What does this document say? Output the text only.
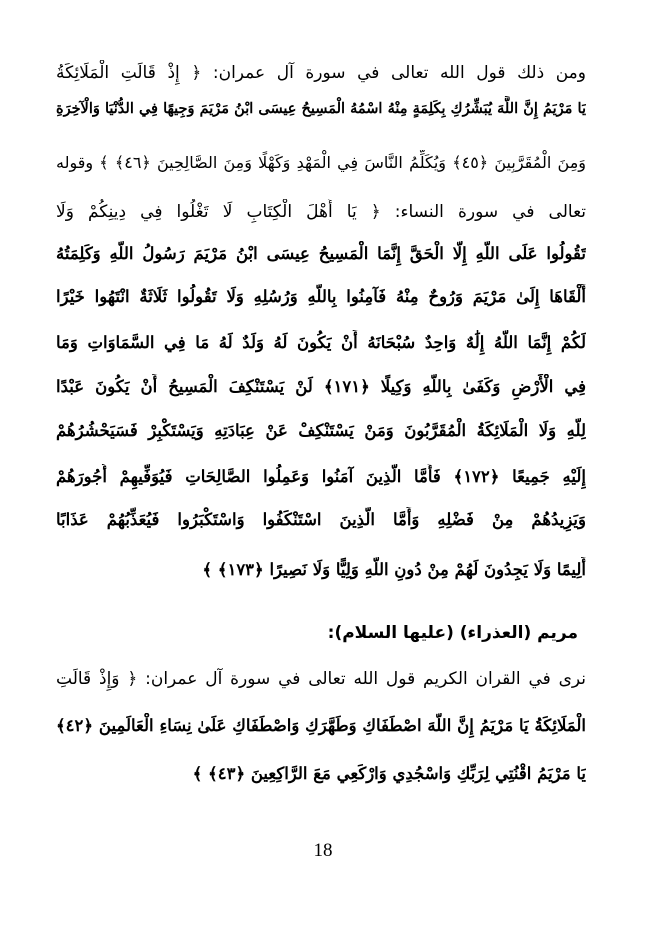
ومن ذلك قول الله تعالى في سورة آل عمران: ﴿ إِذْ قَالَتِ الْمَلَائِكَةُ
يَا مَرْيَمُ إِنَّ اللَّهَ يُبَشِّرُكِ بِكَلِمَةٍ مِنْهُ اسْمُهُ الْمَسِيحُ عِيسَى ابْنُ مَرْيَمَ وَجِيهًا فِي الدُّنْيَا وَالْآخِرَةِ
وَمِنَ الْمُقَرَّبِينَ ﴿٤٥﴾ وَيُكَلِّمُ النَّاسَ فِي الْمَهْدِ وَكَهْلًا وَمِنَ الصَّالِحِينَ ﴿٤٦﴾ ﴾ وقوله
تعالى في سورة النساء: ﴿ يَا أَهْلَ الْكِتَابِ لَا تَغْلُوا فِي دِينِكُمْ وَلَا
تَقُولُوا عَلَى اللَّهِ إِلَّا الْحَقَّ إِنَّمَا الْمَسِيحُ عِيسَى ابْنُ مَرْيَمَ رَسُولُ اللَّهِ وَكَلِمَتُهُ
أَلْقَاهَا إِلَىٰ مَرْيَمَ وَرُوحٌ مِنْهُ فَآمِنُوا بِاللَّهِ وَرُسُلِهِ وَلَا تَقُولُوا ثَلَاثَةٌ انْتَهُوا خَيْرًا
لَكُمْ إِنَّمَا اللَّهُ إِلَٰهٌ وَاحِدٌ سُبْحَانَهُ أَنْ يَكُونَ لَهُ وَلَدٌ لَهُ مَا فِي السَّمَاوَاتِ وَمَا
فِي الْأَرْضِ وَكَفَىٰ بِاللَّهِ وَكِيلًا ﴿١٧١﴾ لَنْ يَسْتَنْكِفَ الْمَسِيحُ أَنْ يَكُونَ عَبْدًا
لِلَّهِ وَلَا الْمَلَائِكَةُ الْمُقَرَّبُونَ وَمَنْ يَسْتَنْكِفْ عَنْ عِبَادَتِهِ وَيَسْتَكْبِرْ فَسَيَحْشُرُهُمْ
إِلَيْهِ جَمِيعًا ﴿١٧٢﴾ فَأَمَّا الَّذِينَ آمَنُوا وَعَمِلُوا الصَّالِحَاتِ فَيُوَفِّيهِمْ أُجُورَهُمْ
وَيَزِيدُهُمْ مِنْ فَضْلِهِ وَأَمَّا الَّذِينَ اسْتَنْكَفُوا وَاسْتَكْبَرُوا فَيُعَذِّبُهُمْ عَذَابًا
أَلِيمًا وَلَا يَجِدُونَ لَهُمْ مِنْ دُونِ اللَّهِ وَلِيًّا وَلَا نَصِيرًا ﴿١٧٣﴾ ﴾
مريم (العذراء) (عليها السلام):
نرى في القران الكريم قول الله تعالى في سورة آل عمران: ﴿ وَإِذْ قَالَتِ
الْمَلَائِكَةُ يَا مَرْيَمُ إِنَّ اللَّهَ اصْطَفَاكِ وَطَهَّرَكِ وَاصْطَفَاكِ عَلَىٰ نِسَاءِ الْعَالَمِينَ ﴿٤٢﴾
يَا مَرْيَمُ اقْنُتِي لِرَبِّكِ وَاسْجُدِي وَارْكَعِي مَعَ الرَّاكِعِينَ ﴿٤٣﴾ ﴾
18
